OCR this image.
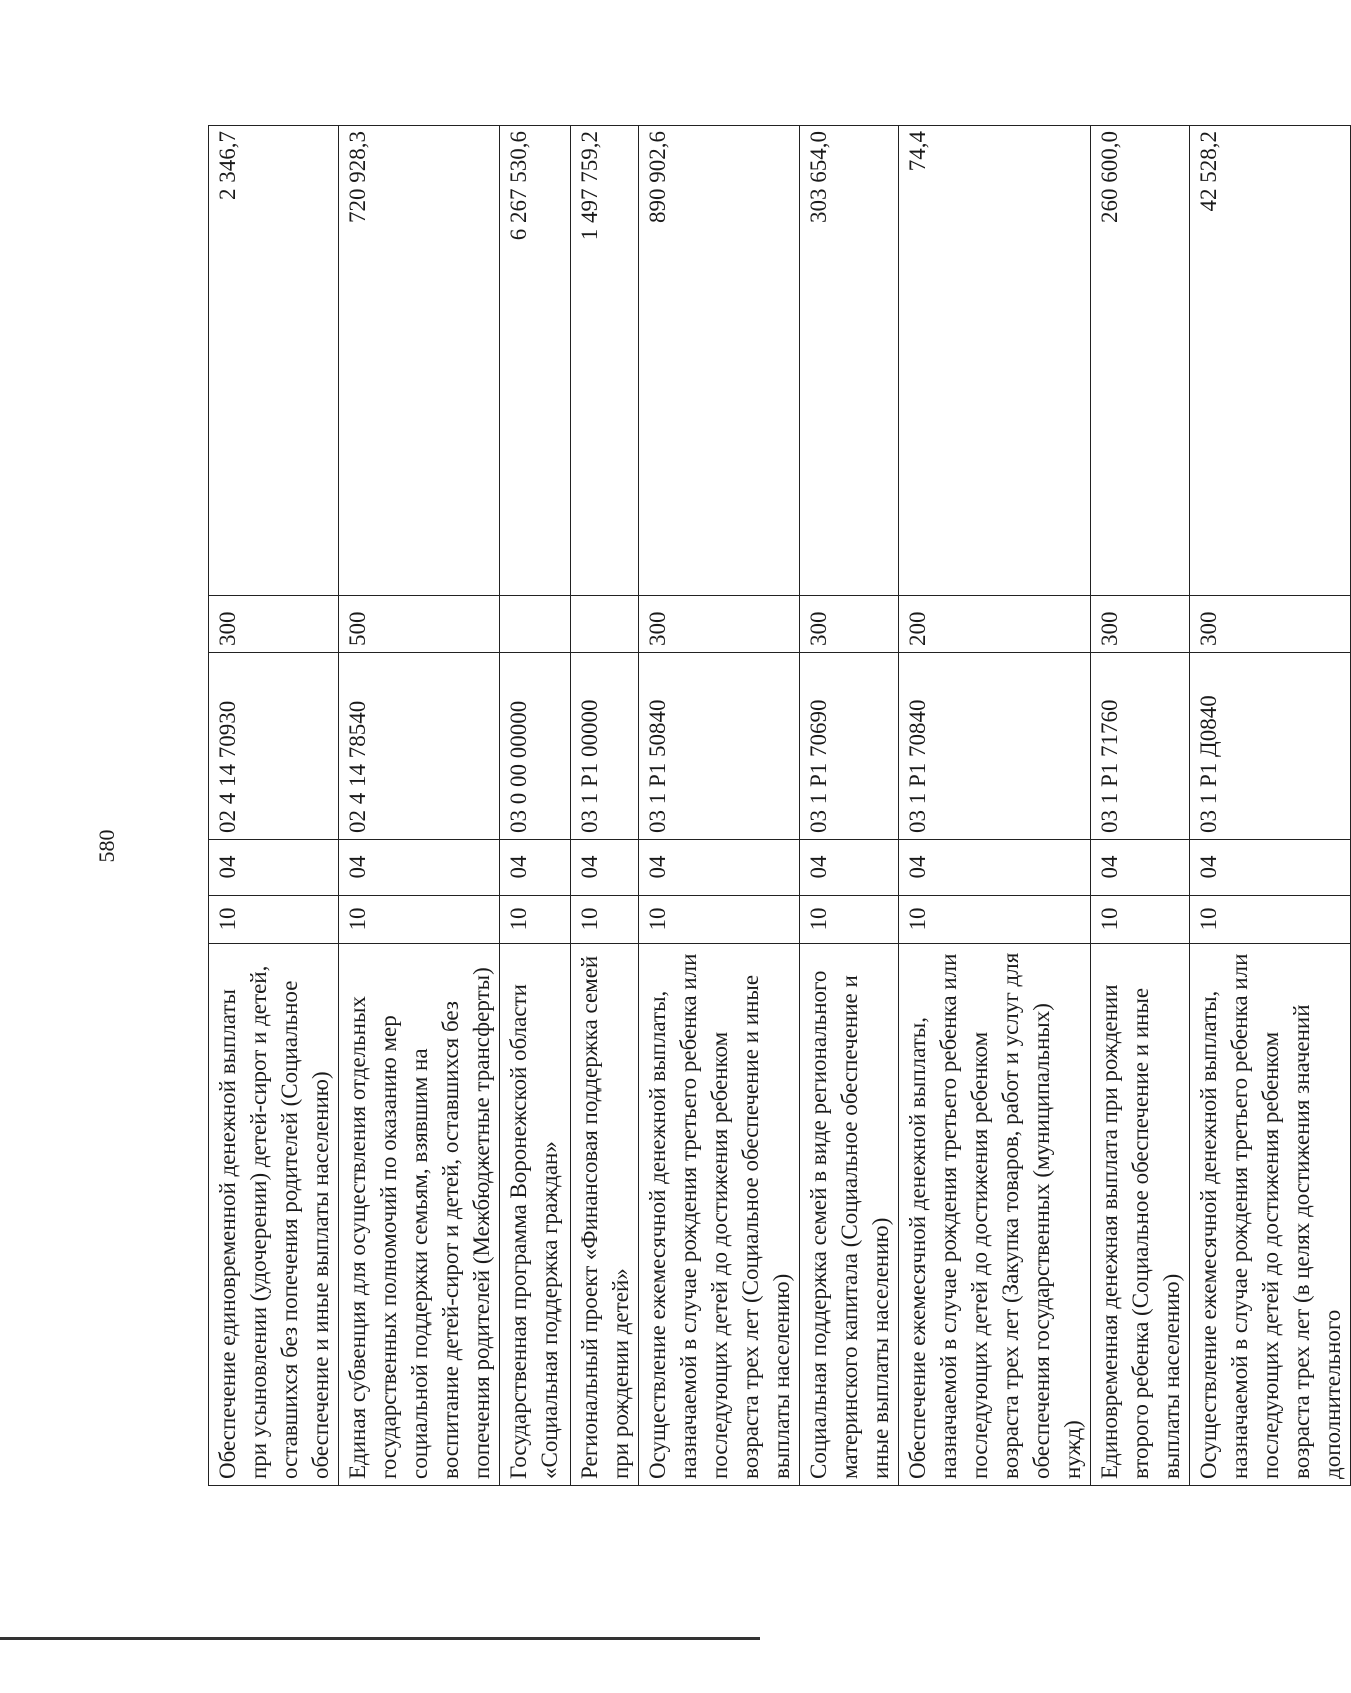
580
Обеспечение единовременной денежной выплаты при усыновлении (удочерении) детей-сирот и детей, оставшихся без попечения родителей (Социальное обеспечение и иные выплаты населению)	10	04	02 4 14 70930	300	2 346,7
Единая субвенция для осуществления отдельных государственных полномочий по оказанию мер социальной поддержки семьям, взявшим на воспитание детей-сирот и детей, оставшихся без попечения родителей (Межбюджетные трансферты)	10	04	02 4 14 78540	500	720 928,3
Государственная программа Воронежской области «Социальная поддержка граждан»	10	04	03 0 00 00000		6 267 530,6
Региональный проект «Финансовая поддержка семей при рождении детей»	10	04	03 1 P1 00000		1 497 759,2
Осуществление ежемесячной денежной выплаты, назначаемой в случае рождения третьего ребенка или последующих детей до достижения ребенком возраста трех лет (Социальное обеспечение и иные выплаты населению)	10	04	03 1 P1 50840	300	890 902,6
Социальная поддержка семей в виде регионального материнского капитала (Социальное обеспечение и иные выплаты населению)	10	04	03 1 P1 70690	300	303 654,0
Обеспечение ежемесячной денежной выплаты, назначаемой в случае рождения третьего ребенка или последующих детей до достижения ребенком возраста трех лет (Закупка товаров, работ и услуг для обеспечения государственных (муниципальных) нужд)	10	04	03 1 P1 70840	200	74,4
Единовременная денежная выплата при рождении второго ребенка (Социальное обеспечение и иные выплаты населению)	10	04	03 1 P1 71760	300	260 600,0
Осуществление ежемесячной денежной выплаты, назначаемой в случае рождения третьего ребенка или последующих детей до достижения ребенком возраста трех лет (в целях достижения значений дополнительного	10	04	03 1 P1 Д0840	300	42 528,2
